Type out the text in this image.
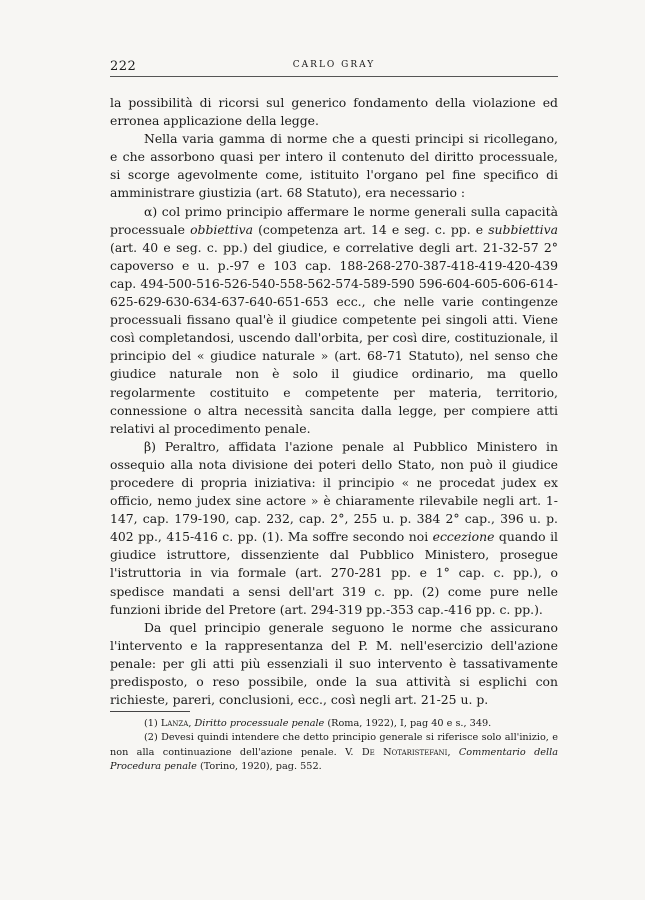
222	CARLO GRAY

la possibilità di ricorsi sul generico fondamento della violazione ed erronea applicazione della legge.

Nella varia gamma di norme che a questi principi si ricollegano, e che assorbono quasi per intero il contenuto del diritto processuale, si scorge agevolmente come, istituito l'organo pel fine specifico di amministrare giustizia (art. 68 Statuto), era necessario :

α) col primo principio affermare le norme generali sulla capacità processuale obbiettiva (competenza art. 14 e seg. c. pp. e subbiettiva (art. 40 e seg. c. pp.) del giudice, e correlative degli art. 21-32-57 2° capoverso e u. p.-97 e 103 cap. 188-268-270-387-418-419-420-439 cap. 494-500-516-526-540-558-562-574-589-590 596-604-605-606-614-625-629-630-634-637-640-651-653 ecc., che nelle varie contingenze processuali fissano qual'è il giudice competente pei singoli atti. Viene così completandosi, uscendo dall'orbita, per così dire, costituzionale, il principio del « giudice naturale » (art. 68-71 Statuto), nel senso che giudice naturale non è solo il giudice ordinario, ma quello regolarmente costituito e competente per materia, territorio, connessione o altra necessità sancita dalla legge, per compiere atti relativi al procedimento penale.

β) Peraltro, affidata l'azione penale al Pubblico Ministero in ossequio alla nota divisione dei poteri dello Stato, non può il giudice procedere di propria iniziativa: il principio « ne procedat judex ex officio, nemo judex sine actore » è chiaramente rilevabile negli art. 1-147, cap. 179-190, cap. 232, cap. 2°, 255 u. p. 384 2° cap., 396 u. p. 402 pp., 415-416 c. pp. (1). Ma soffre secondo noi eccezione quando il giudice istruttore, dissenziente dal Pubblico Ministero, prosegue l'istruttoria in via formale (art. 270-281 pp. e 1° cap. c. pp.), o spedisce mandati a sensi dell'art 319 c. pp. (2) come pure nelle funzioni ibride del Pretore (art. 294-319 pp.-353 cap.-416 pp. c. pp.).

Da quel principio generale seguono le norme che assicurano l'intervento e la rappresentanza del P. M. nell'esercizio dell'azione penale: per gli atti più essenziali il suo intervento è tassativamente predisposto, o reso possibile, onde la sua attività si esplichi con richieste, pareri, conclusioni, ecc., così negli art. 21-25 u. p.

(1) Lanza, Diritto processuale penale (Roma, 1922), I, pag 40 e s., 349.

(2) Devesi quindi intendere che detto principio generale si riferisce solo all'inizio, e non alla continuazione dell'azione penale. V. De Notaristefani, Commentario della Procedura penale (Torino, 1920), pag. 552.
